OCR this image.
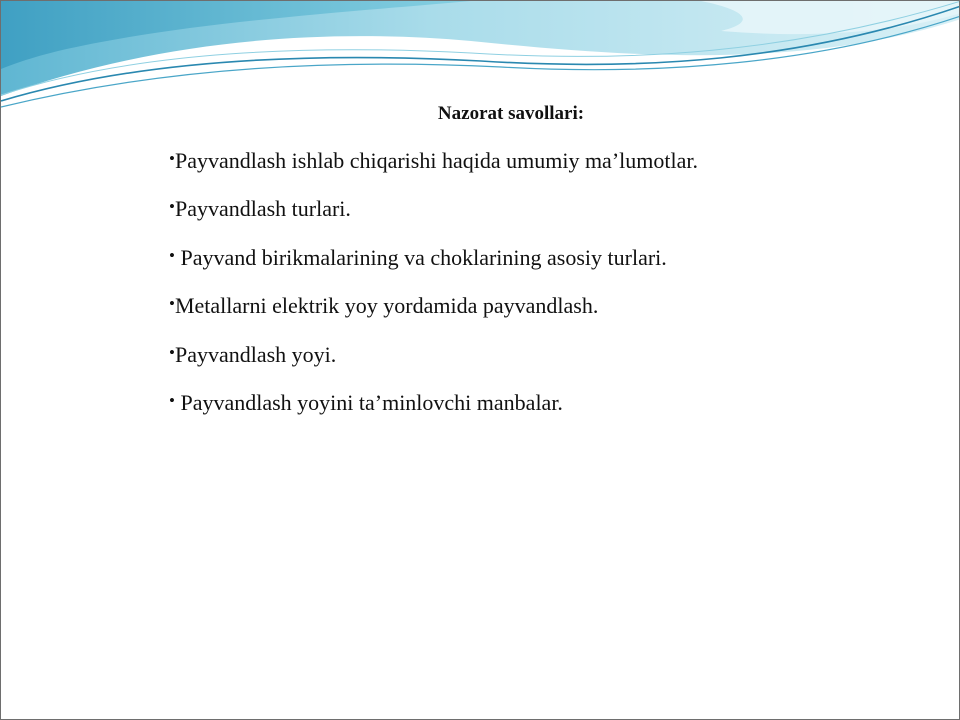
Nazorat savollari:
•Payvandlash ishlab chiqarishi haqida umumiy ma’lumotlar.
•Payvandlash turlari.
• Payvand birikmalarining va choklarining asosiy turlari.
•Metallarni elektrik yoy yordamida payvandlash.
•Payvandlash yoyi.
• Payvandlash yoyini ta’minlovchi manbalar.
